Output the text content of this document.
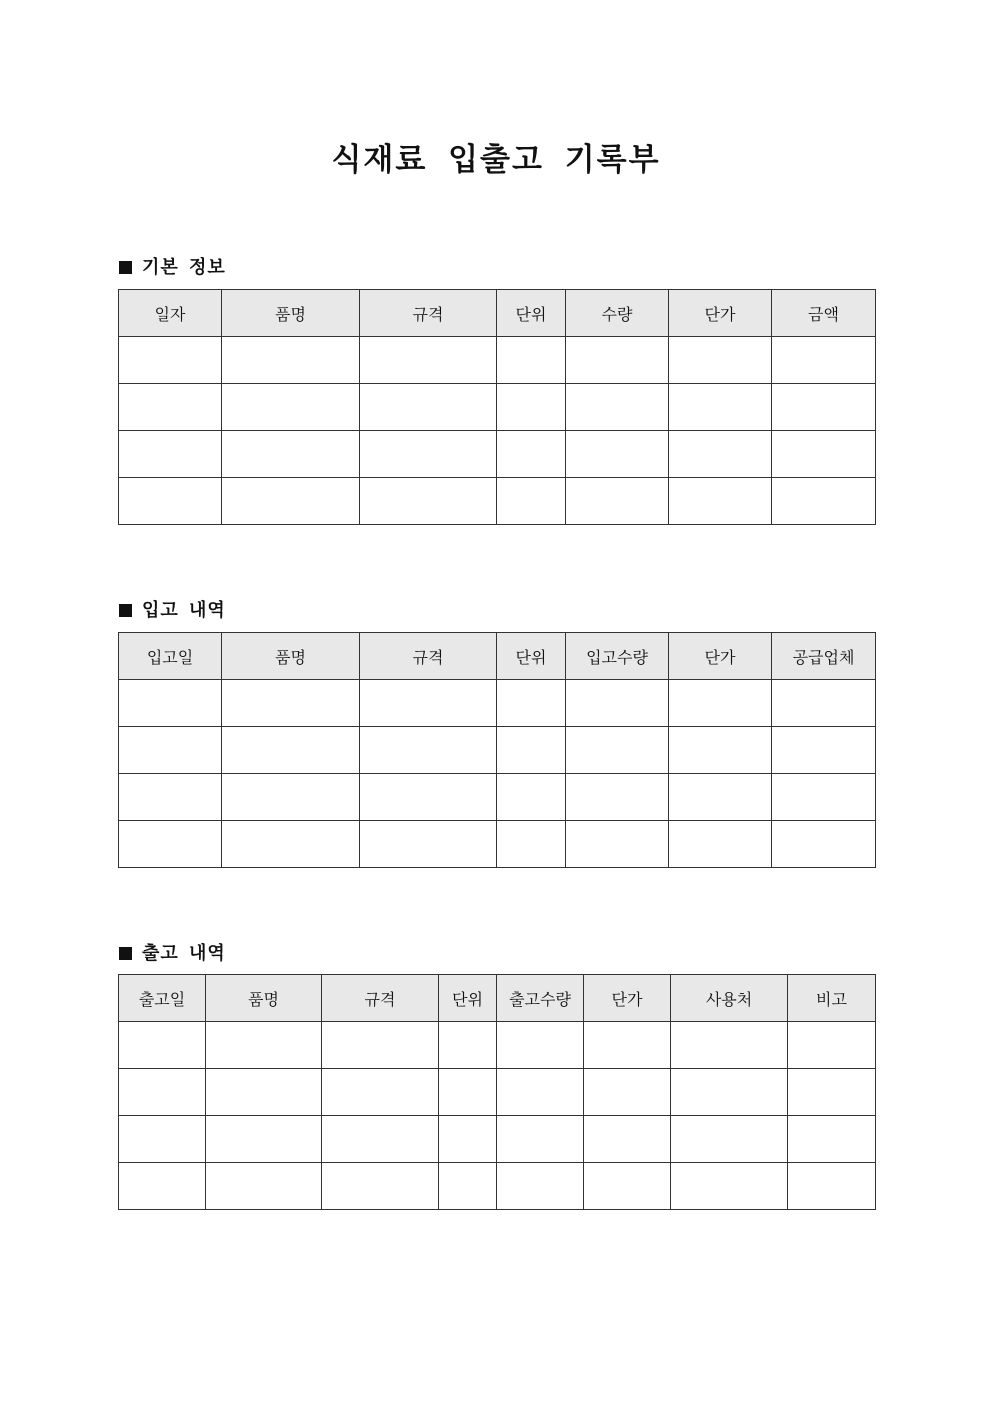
식재료 입출고 기록부
기본 정보
일자	품명	규격	단위	수량	단가	금액

입고 내역
입고일	품명	규격	단위	입고수량	단가	공급업체

출고 내역
출고일	품명	규격	단위	출고수량	단가	사용처	비고
